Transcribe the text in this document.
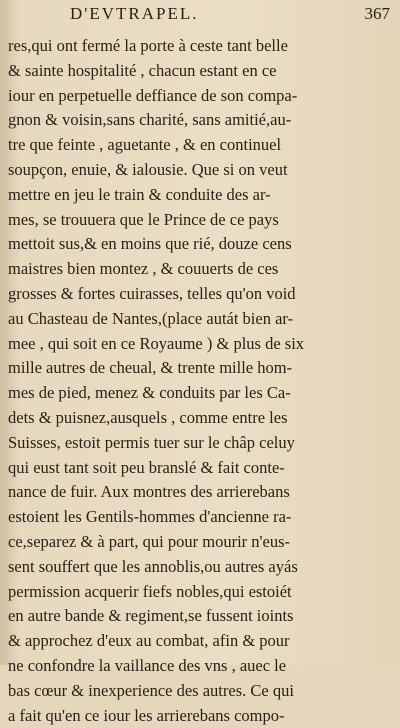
D'EVTRAPEL.	367
res,qui ont fermé la porte à ceste tant belle
& sainte hospitalité , chacun estant en ce
iour en perpetuelle deffiance de son compa-
gnon & voisin,sans charité, sans amitié,au-
tre que feinte , aguetante , & en continuel
soupçon, enuie, & ialousie. Que si on veut
mettre en jeu le train & conduite des ar-
mes, se trouuera que le Prince de ce pays
mettoit sus,& en moins que rié, douze cens
maistres bien montez , & couuerts de ces
grosses & fortes cuirasses, telles qu'on void
au Chasteau de Nantes,(place autát bien ar-
mee , qui soit en ce Royaume ) & plus de six
mille autres de cheual, & trente mille hom-
mes de pied, menez & conduits par les Ca-
dets & puisnez,ausquels , comme entre les
Suisses, estoit permis tuer sur le châp celuy
qui eust tant soit peu branslé & fait conte-
nance de fuir. Aux montres des arrierebans
estoient les Gentils-hommes d'ancienne ra-
ce,separez & à part, qui pour mourir n'eus-
sent souffert que les annoblis,ou autres ayás
permission acquerir fiefs nobles,qui estoiét
en autre bande & regiment,se fussent ioints
& approchez d'eux au combat, afin & pour
ne confondre la vaillance des vns , auec le
bas cœur & inexperience des autres. Ce qui
a fait qu'en ce iour les arrierebans compo-
